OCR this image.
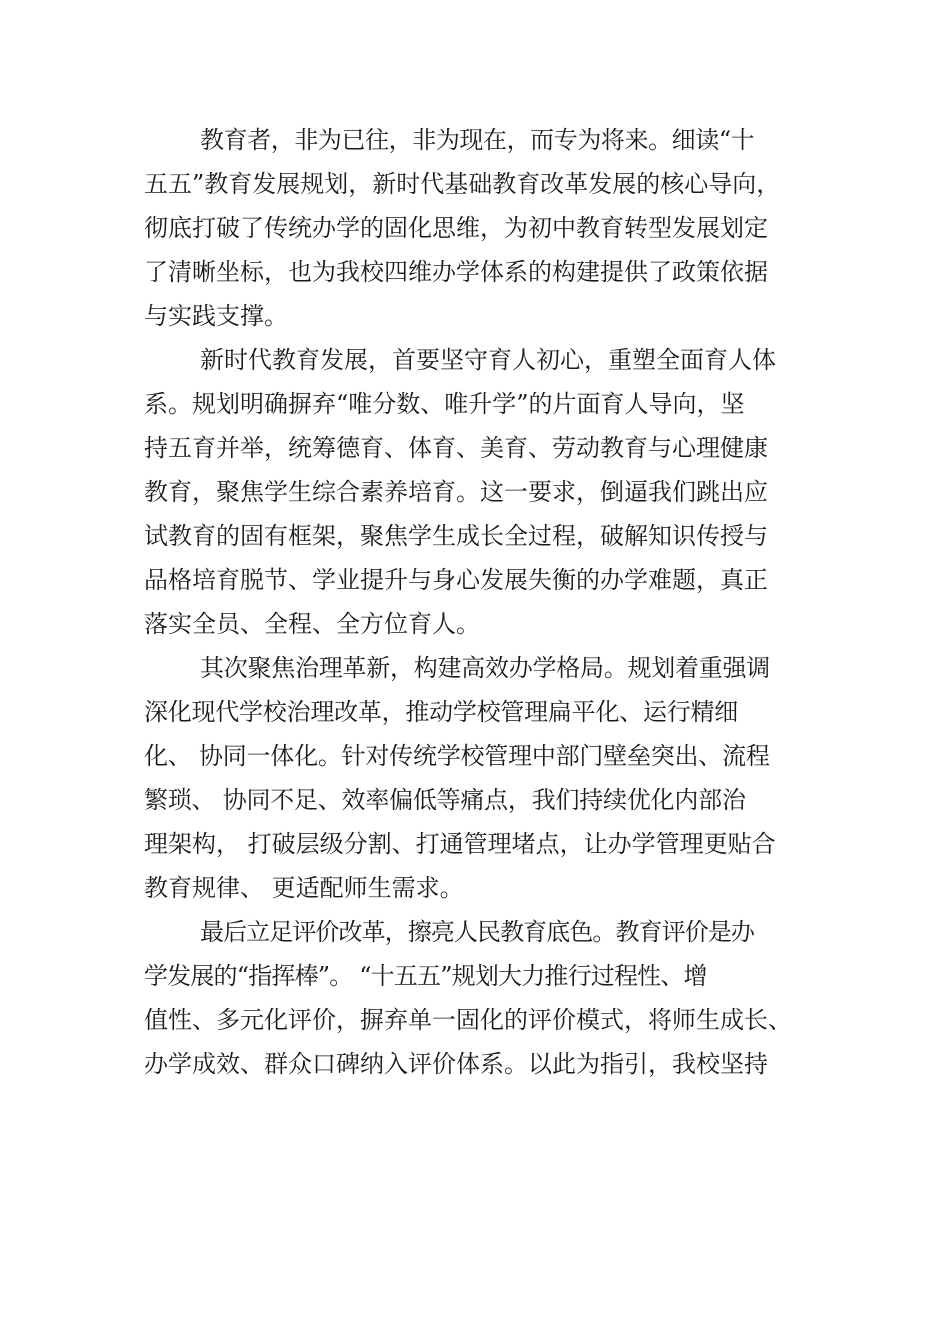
教育者，非为已往，非为现在，而专为将来。细读“十
五五”教育发展规划，新时代基础教育改革发展的核心导向，
彻底打破了传统办学的固化思维，为初中教育转型发展划定
了清晰坐标，也为我校四维办学体系的构建提供了政策依据
与实践支撑。
新时代教育发展，首要坚守育人初心，重塑全面育人体
系。规划明确摒弃“唯分数、唯升学”的片面育人导向，坚
持五育并举，统筹德育、体育、美育、劳动教育与心理健康
教育，聚焦学生综合素养培育。这一要求，倒逼我们跳出应
试教育的固有框架，聚焦学生成长全过程，破解知识传授与
品格培育脱节、学业提升与身心发展失衡的办学难题，真正
落实全员、全程、全方位育人。
其次聚焦治理革新，构建高效办学格局。规划着重强调
深化现代学校治理改革，推动学校管理扁平化、运行精细
化、 协同一体化。针对传统学校管理中部门壁垒突出、流程
繁琐、 协同不足、效率偏低等痛点，我们持续优化内部治
理架构， 打破层级分割、打通管理堵点，让办学管理更贴合
教育规律、 更适配师生需求。
最后立足评价改革，擦亮人民教育底色。教育评价是办
学发展的“指挥棒”。 “十五五”规划大力推行过程性、增
值性、多元化评价，摒弃单一固化的评价模式，将师生成长、
办学成效、群众口碑纳入评价体系。以此为指引，我校坚持
